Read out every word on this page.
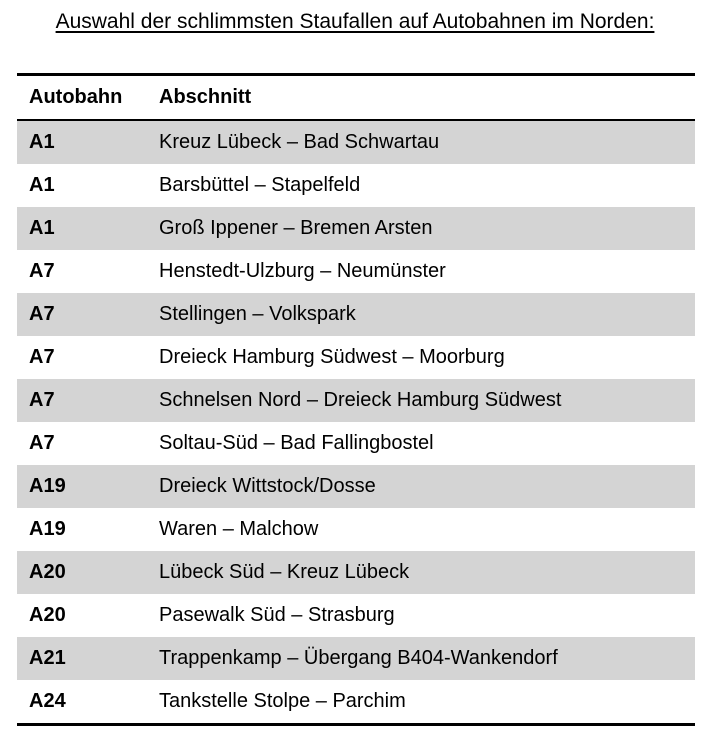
Auswahl der schlimmsten Staufallen auf Autobahnen im Norden:
Autobahn	Abschnitt
A1	Kreuz Lübeck – Bad Schwartau
A1	Barsbüttel – Stapelfeld
A1	Groß Ippener – Bremen Arsten
A7	Henstedt-Ulzburg – Neumünster
A7	Stellingen – Volkspark
A7	Dreieck Hamburg Südwest – Moorburg
A7	Schnelsen Nord – Dreieck Hamburg Südwest
A7	Soltau-Süd – Bad Fallingbostel
A19	Dreieck Wittstock/Dosse
A19	Waren – Malchow
A20	Lübeck Süd – Kreuz Lübeck
A20	Pasewalk Süd – Strasburg
A21	Trappenkamp – Übergang B404-Wankendorf
A24	Tankstelle Stolpe – Parchim
